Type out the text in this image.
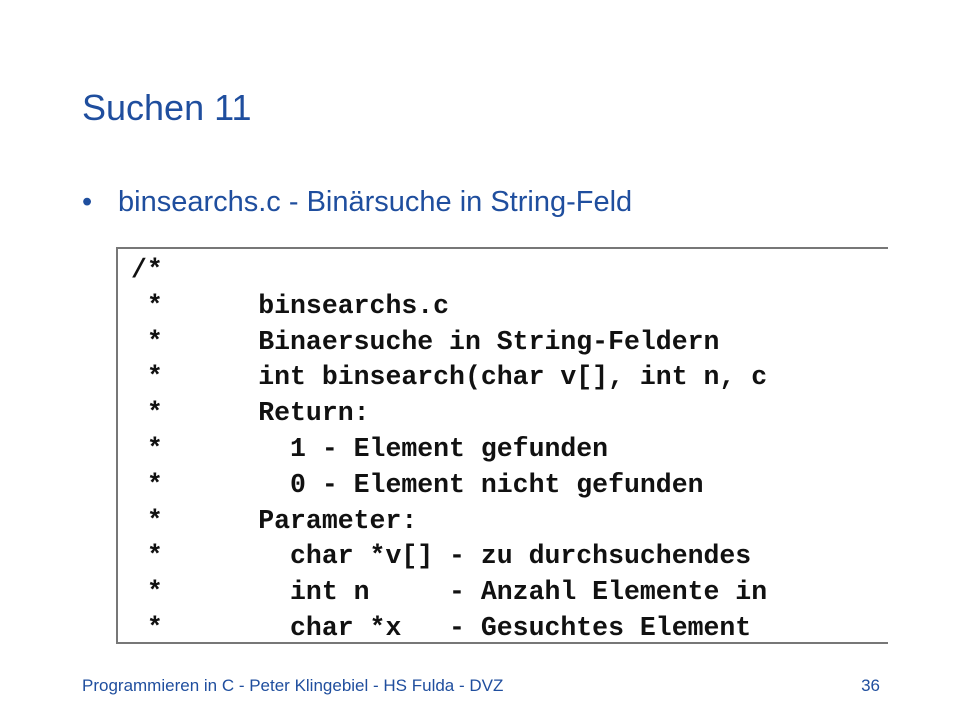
Suchen 11
• binsearchs.c - Binärsuche in String-Feld
/*
*      binsearchs.c
*      Binaersuche in String-Feldern
*      int binsearch(char v[], int n, c
*      Return:
*        1 - Element gefunden
*        0 - Element nicht gefunden
*      Parameter:
*        char *v[] - zu durchsuchendes
*        int n     - Anzahl Elemente in
*        char *x   - Gesuchtes Element
Programmieren in C - Peter Klingebiel - HS Fulda - DVZ	36
